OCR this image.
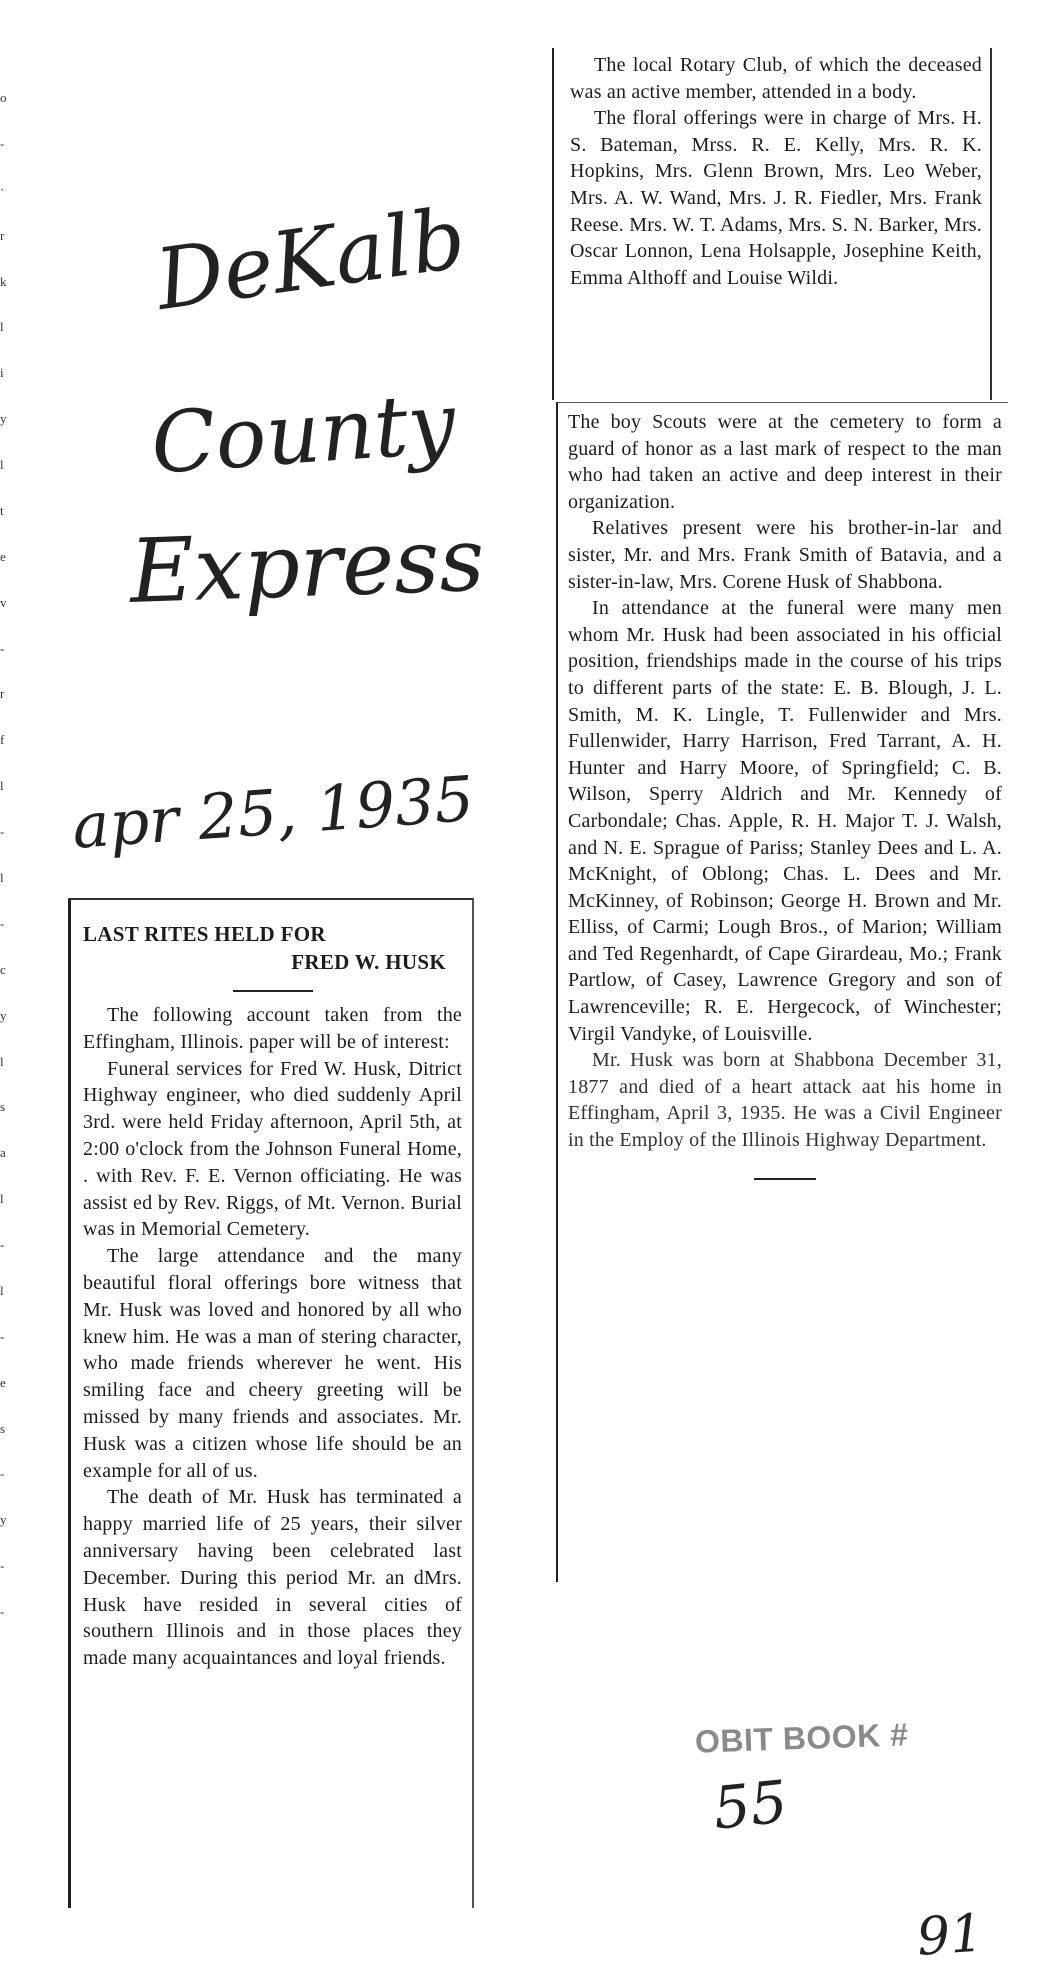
o
-
·
r
k
l
i
y
l
t
e
v
-
r
f
l
-
l
-
c
y
l
s
a
l
-
l
-
e
s
-
y
-
-
DeKalb
County
Express
apr 25, 1935
LAST RITES HELD FOR
FRED W. HUSK

The following account taken from the Effingham, Illinois. paper will be of interest:

Funeral services for Fred W. Husk, Ditrict Highway engineer, who died suddenly April 3rd. were held Friday afternoon, April 5th, at 2:00 o'clock from the Johnson Funeral Home, . with Rev. F. E. Vernon officiating. He was assist ed by Rev. Riggs, of Mt. Vernon. Burial was in Memorial Cemetery.

The large attendance and the many beautiful floral offerings bore witness that Mr. Husk was loved and honored by all who knew him. He was a man of stering character, who made friends wherever he went. His smiling face and cheery greeting will be missed by many friends and associates. Mr. Husk was a citizen whose life should be an example for all of us.

The death of Mr. Husk has terminated a happy married life of 25 years, their silver anniversary having been celebrated last December. During this period Mr. an dMrs. Husk have resided in several cities of southern Illinois and in those places they made many acquaintances and loyal friends.

The local Rotary Club, of which the deceased was an active member, attended in a body.

The floral offerings were in charge of Mrs. H. S. Bateman, Mrss. R. E. Kelly, Mrs. R. K. Hopkins, Mrs. Glenn Brown, Mrs. Leo Weber, Mrs. A. W. Wand, Mrs. J. R. Fiedler, Mrs. Frank Reese. Mrs. W. T. Adams, Mrs. S. N. Barker, Mrs. Oscar Lonnon, Lena Holsapple, Josephine Keith, Emma Althoff and Louise Wildi.

The boy Scouts were at the cemetery to form a guard of honor as a last mark of respect to the man who had taken an active and deep interest in their organization.

Relatives present were his brother-in-lar and sister, Mr. and Mrs. Frank Smith of Batavia, and a sister-in-law, Mrs. Corene Husk of Shabbona.

In attendance at the funeral were many men whom Mr. Husk had been associated in his official position, friendships made in the course of his trips to different parts of the state: E. B. Blough, J. L. Smith, M. K. Lingle, T. Fullenwider and Mrs. Fullenwider, Harry Harrison, Fred Tarrant, A. H. Hunter and Harry Moore, of Springfield; C. B. Wilson, Sperry Aldrich and Mr. Kennedy of Carbondale; Chas. Apple, R. H. Major T. J. Walsh, and N. E. Sprague of Pariss; Stanley Dees and L. A. McKnight, of Oblong; Chas. L. Dees and Mr. McKinney, of Robinson; George H. Brown and Mr. Elliss, of Carmi; Lough Bros., of Marion; William and Ted Regenhardt, of Cape Girardeau, Mo.; Frank Partlow, of Casey, Lawrence Gregory and son of Lawrenceville; R. E. Hergecock, of Winchester; Virgil Vandyke, of Louisville.

Mr. Husk was born at Shabbona December 31, 1877 and died of a heart attack aat his home in Effingham, April 3, 1935. He was a Civil Engineer in the Employ of the Illinois Highway Department.

OBIT BOOK #
55
91
